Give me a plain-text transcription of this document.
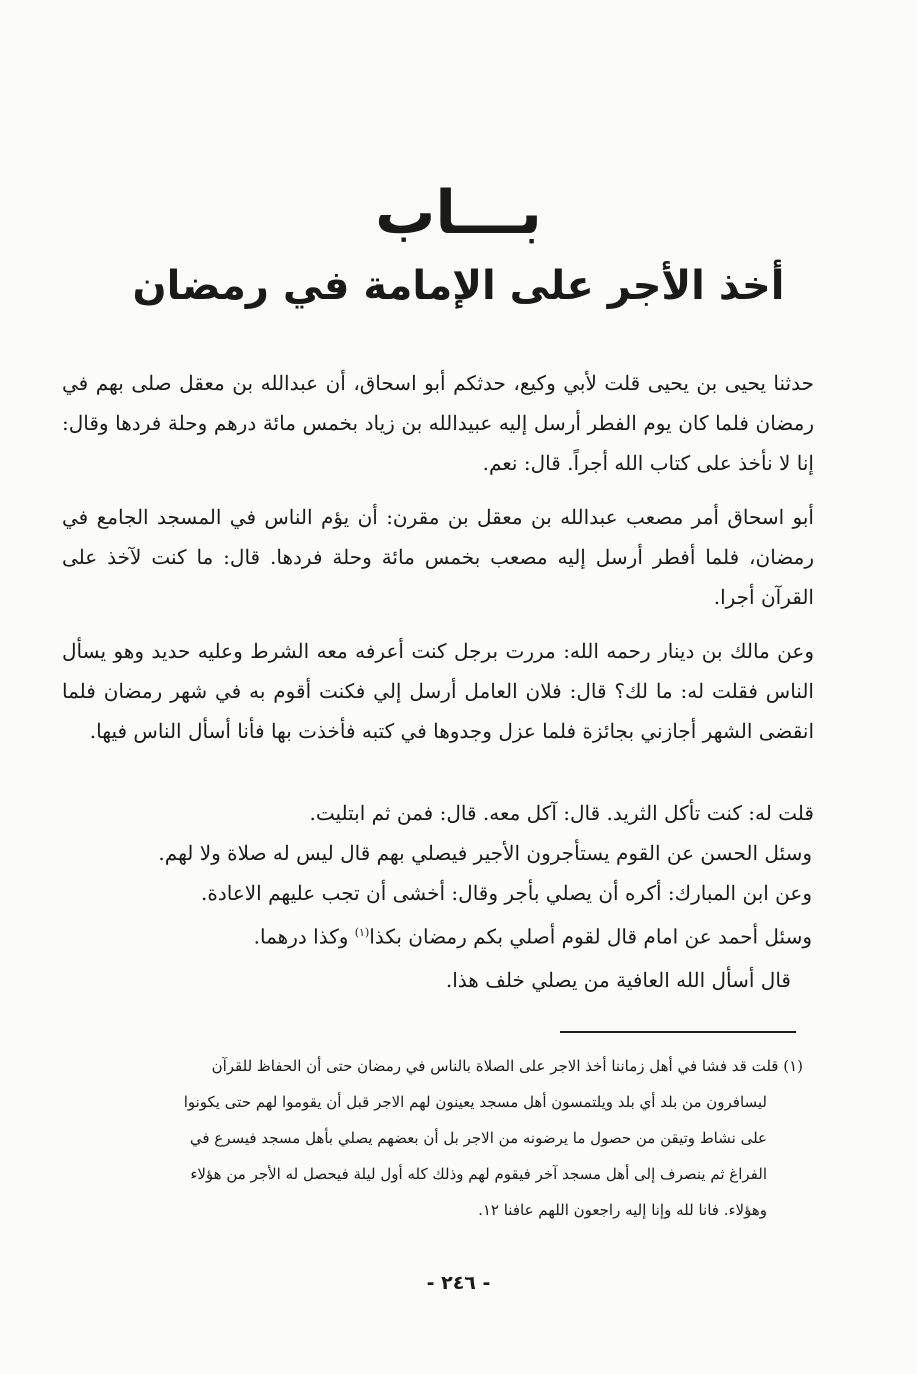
بـــاب
أخذ الأجر على الإمامة في رمضان
حدثنا يحيى بن يحيى قلت لأبي وكيع، حدثكم أبو اسحاق، أن عبدالله بن معقل صلى بهم في رمضان فلما كان يوم الفطر أرسل إليه عبيدالله بن زياد بخمس مائة درهم وحلة فردها وقال: إنا لا نأخذ على كتاب الله أجراً. قال: نعم.
أبو اسحاق أمر مصعب عبدالله بن معقل بن مقرن: أن يؤم الناس في المسجد الجامع في رمضان، فلما أفطر أرسل إليه مصعب بخمس مائة وحلة فردها. قال: ما كنت لآخذ على القرآن أجرا.
وعن مالك بن دينار رحمه الله: مررت برجل كنت أعرفه معه الشرط وعليه حديد وهو يسأل الناس فقلت له: ما لك؟ قال: فلان العامل أرسل إلي فكنت أقوم به في شهر رمضان فلما انقضى الشهر أجازني بجائزة فلما عزل وجدوها في كتبه فأخذت بها فأنا أسأل الناس فيها.
قلت له: كنت تأكل الثريد. قال: آكل معه. قال: فمن ثم ابتليت.
وسئل الحسن عن القوم يستأجرون الأجير فيصلي بهم قال ليس له صلاة ولا لهم.
وعن ابن المبارك: أكره أن يصلي بأجر وقال: أخشى أن تجب عليهم الاعادة.
وسئل أحمد عن امام قال لقوم أصلي بكم رمضان بكذا$^{(١)}$ وكذا درهما.
قال أسأل الله العافية من يصلي خلف هذا.
(١) قلت قد فشا في أهل زماننا أخذ الاجر على الصلاة بالناس في رمضان حتى أن الحفاظ للقرآن
ليسافرون من بلد أي بلد ويلتمسون أهل مسجد يعينون لهم الاجر قبل أن يقوموا لهم حتى يكونوا
على نشاط وتيقن من حصول ما يرضونه من الاجر بل أن بعضهم يصلي بأهل مسجد فيسرع في
الفراغ ثم ينصرف إلى أهل مسجد آخر فيقوم لهم وذلك كله أول ليلة فيحصل له الأجر من هؤلاء
وهؤلاء. فانا لله وإنا إليه راجعون اللهم عافنا ١٢.
- ٢٤٦ -
